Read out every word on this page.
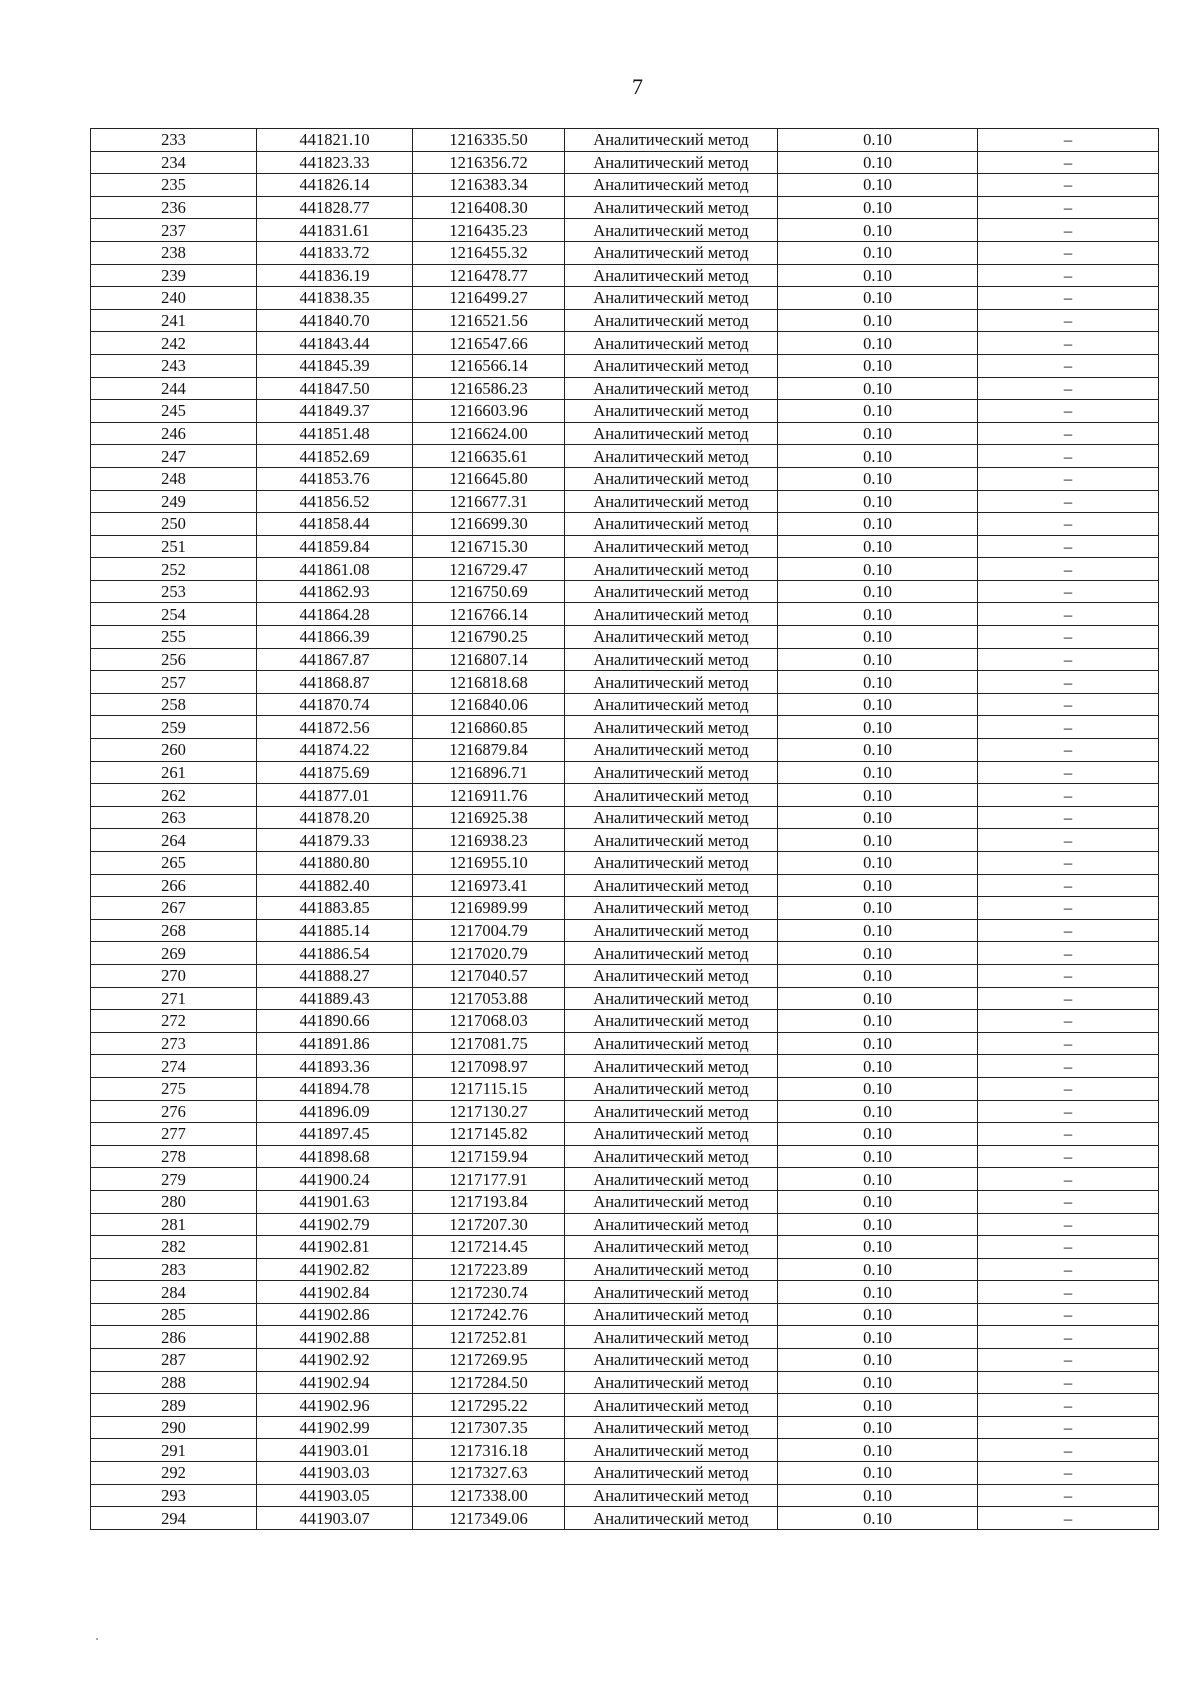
7
233	441821.10	1216335.50	Аналитический метод	0.10	–
234	441823.33	1216356.72	Аналитический метод	0.10	–
235	441826.14	1216383.34	Аналитический метод	0.10	–
236	441828.77	1216408.30	Аналитический метод	0.10	–
237	441831.61	1216435.23	Аналитический метод	0.10	–
238	441833.72	1216455.32	Аналитический метод	0.10	–
239	441836.19	1216478.77	Аналитический метод	0.10	–
240	441838.35	1216499.27	Аналитический метод	0.10	–
241	441840.70	1216521.56	Аналитический метод	0.10	–
242	441843.44	1216547.66	Аналитический метод	0.10	–
243	441845.39	1216566.14	Аналитический метод	0.10	–
244	441847.50	1216586.23	Аналитический метод	0.10	–
245	441849.37	1216603.96	Аналитический метод	0.10	–
246	441851.48	1216624.00	Аналитический метод	0.10	–
247	441852.69	1216635.61	Аналитический метод	0.10	–
248	441853.76	1216645.80	Аналитический метод	0.10	–
249	441856.52	1216677.31	Аналитический метод	0.10	–
250	441858.44	1216699.30	Аналитический метод	0.10	–
251	441859.84	1216715.30	Аналитический метод	0.10	–
252	441861.08	1216729.47	Аналитический метод	0.10	–
253	441862.93	1216750.69	Аналитический метод	0.10	–
254	441864.28	1216766.14	Аналитический метод	0.10	–
255	441866.39	1216790.25	Аналитический метод	0.10	–
256	441867.87	1216807.14	Аналитический метод	0.10	–
257	441868.87	1216818.68	Аналитический метод	0.10	–
258	441870.74	1216840.06	Аналитический метод	0.10	–
259	441872.56	1216860.85	Аналитический метод	0.10	–
260	441874.22	1216879.84	Аналитический метод	0.10	–
261	441875.69	1216896.71	Аналитический метод	0.10	–
262	441877.01	1216911.76	Аналитический метод	0.10	–
263	441878.20	1216925.38	Аналитический метод	0.10	–
264	441879.33	1216938.23	Аналитический метод	0.10	–
265	441880.80	1216955.10	Аналитический метод	0.10	–
266	441882.40	1216973.41	Аналитический метод	0.10	–
267	441883.85	1216989.99	Аналитический метод	0.10	–
268	441885.14	1217004.79	Аналитический метод	0.10	–
269	441886.54	1217020.79	Аналитический метод	0.10	–
270	441888.27	1217040.57	Аналитический метод	0.10	–
271	441889.43	1217053.88	Аналитический метод	0.10	–
272	441890.66	1217068.03	Аналитический метод	0.10	–
273	441891.86	1217081.75	Аналитический метод	0.10	–
274	441893.36	1217098.97	Аналитический метод	0.10	–
275	441894.78	1217115.15	Аналитический метод	0.10	–
276	441896.09	1217130.27	Аналитический метод	0.10	–
277	441897.45	1217145.82	Аналитический метод	0.10	–
278	441898.68	1217159.94	Аналитический метод	0.10	–
279	441900.24	1217177.91	Аналитический метод	0.10	–
280	441901.63	1217193.84	Аналитический метод	0.10	–
281	441902.79	1217207.30	Аналитический метод	0.10	–
282	441902.81	1217214.45	Аналитический метод	0.10	–
283	441902.82	1217223.89	Аналитический метод	0.10	–
284	441902.84	1217230.74	Аналитический метод	0.10	–
285	441902.86	1217242.76	Аналитический метод	0.10	–
286	441902.88	1217252.81	Аналитический метод	0.10	–
287	441902.92	1217269.95	Аналитический метод	0.10	–
288	441902.94	1217284.50	Аналитический метод	0.10	–
289	441902.96	1217295.22	Аналитический метод	0.10	–
290	441902.99	1217307.35	Аналитический метод	0.10	–
291	441903.01	1217316.18	Аналитический метод	0.10	–
292	441903.03	1217327.63	Аналитический метод	0.10	–
293	441903.05	1217338.00	Аналитический метод	0.10	–
294	441903.07	1217349.06	Аналитический метод	0.10	–
